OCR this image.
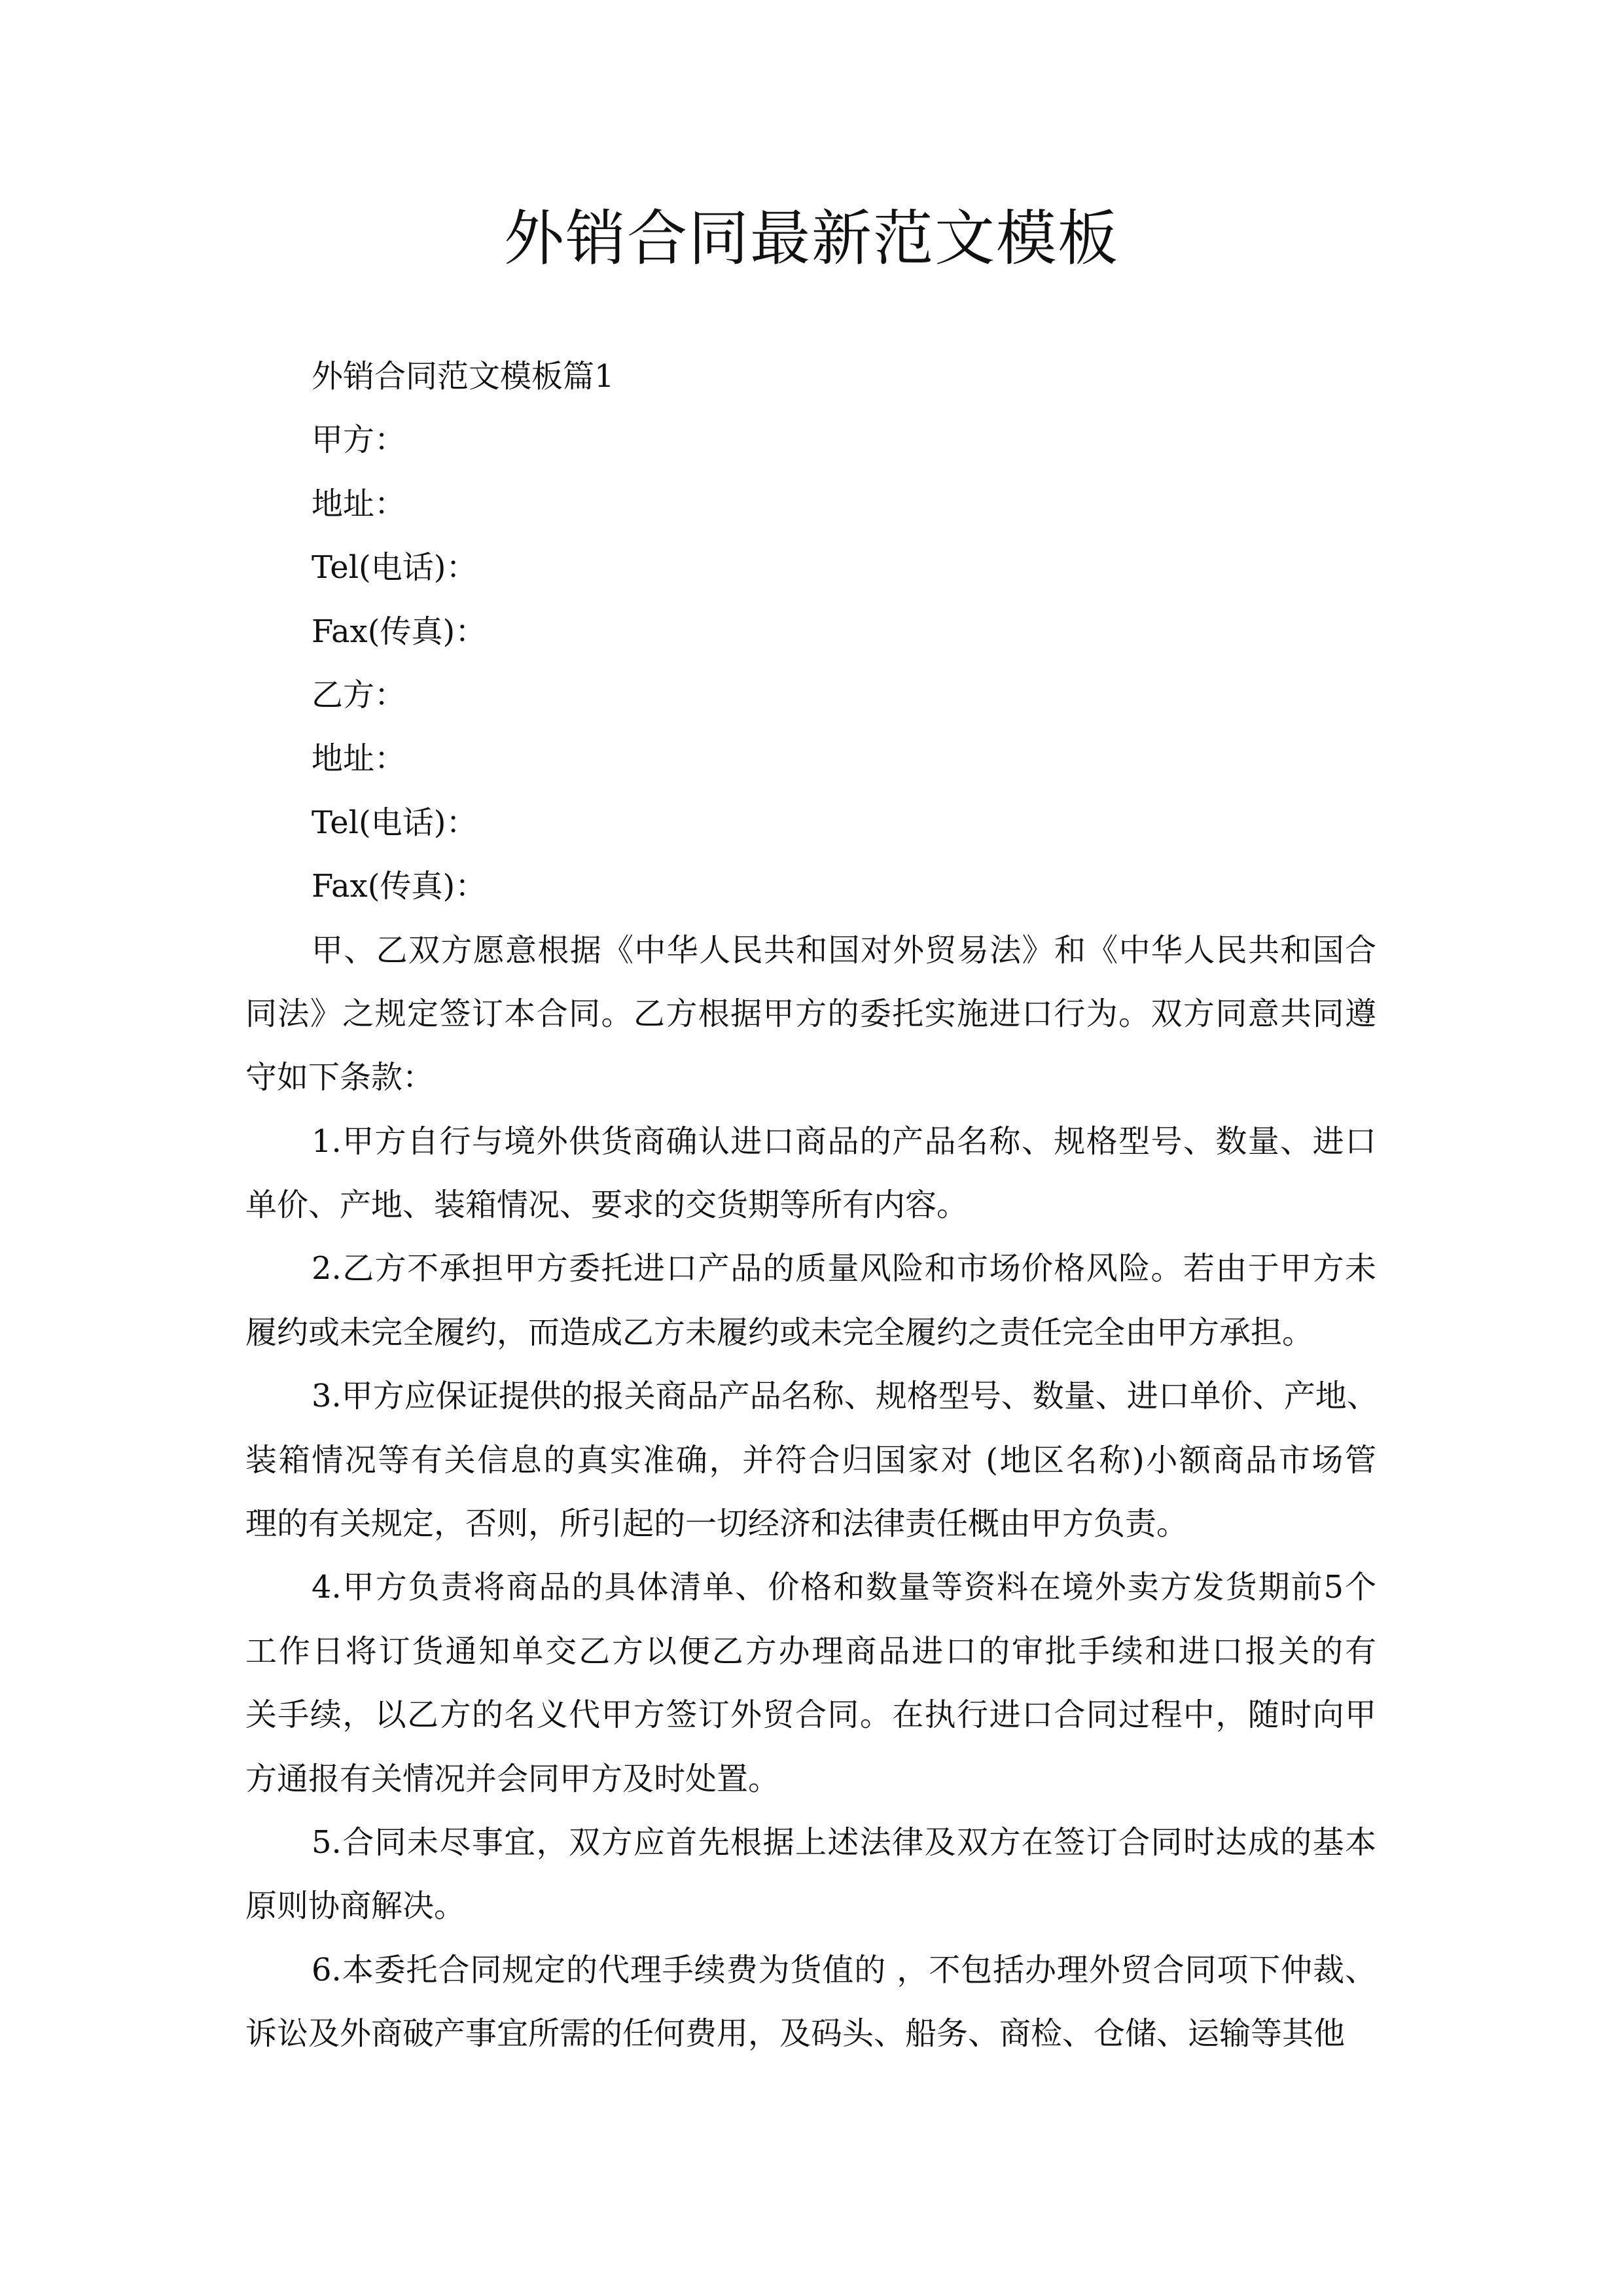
外销合同最新范文模板
外销合同范文模板篇1
甲方：
地址：
Tel(电话)：
Fax(传真)：
乙方：
地址：
Tel(电话)：
Fax(传真)：
甲、乙双方愿意根据《中华人民共和国对外贸易法》和《中华人民共和国合
同法》之规定签订本合同。乙方根据甲方的委托实施进口行为。双方同意共同遵
守如下条款：
1.甲方自行与境外供货商确认进口商品的产品名称、规格型号、数量、进口
单价、产地、装箱情况、要求的交货期等所有内容。
2.乙方不承担甲方委托进口产品的质量风险和市场价格风险。若由于甲方未
履约或未完全履约，而造成乙方未履约或未完全履约之责任完全由甲方承担。
3.甲方应保证提供的报关商品产品名称、规格型号、数量、进口单价、产地、
装箱情况等有关信息的真实准确，并符合归国家对 (地区名称)小额商品市场管
理的有关规定，否则，所引起的一切经济和法律责任概由甲方负责。
4.甲方负责将商品的具体清单、价格和数量等资料在境外卖方发货期前5个
工作日将订货通知单交乙方以便乙方办理商品进口的审批手续和进口报关的有
关手续，以乙方的名义代甲方签订外贸合同。在执行进口合同过程中，随时向甲
方通报有关情况并会同甲方及时处置。
5.合同未尽事宜，双方应首先根据上述法律及双方在签订合同时达成的基本
原则协商解决。
6.本委托合同规定的代理手续费为货值的 ，不包括办理外贸合同项下仲裁、
诉讼及外商破产事宜所需的任何费用，及码头、船务、商检、仓储、运输等其他
